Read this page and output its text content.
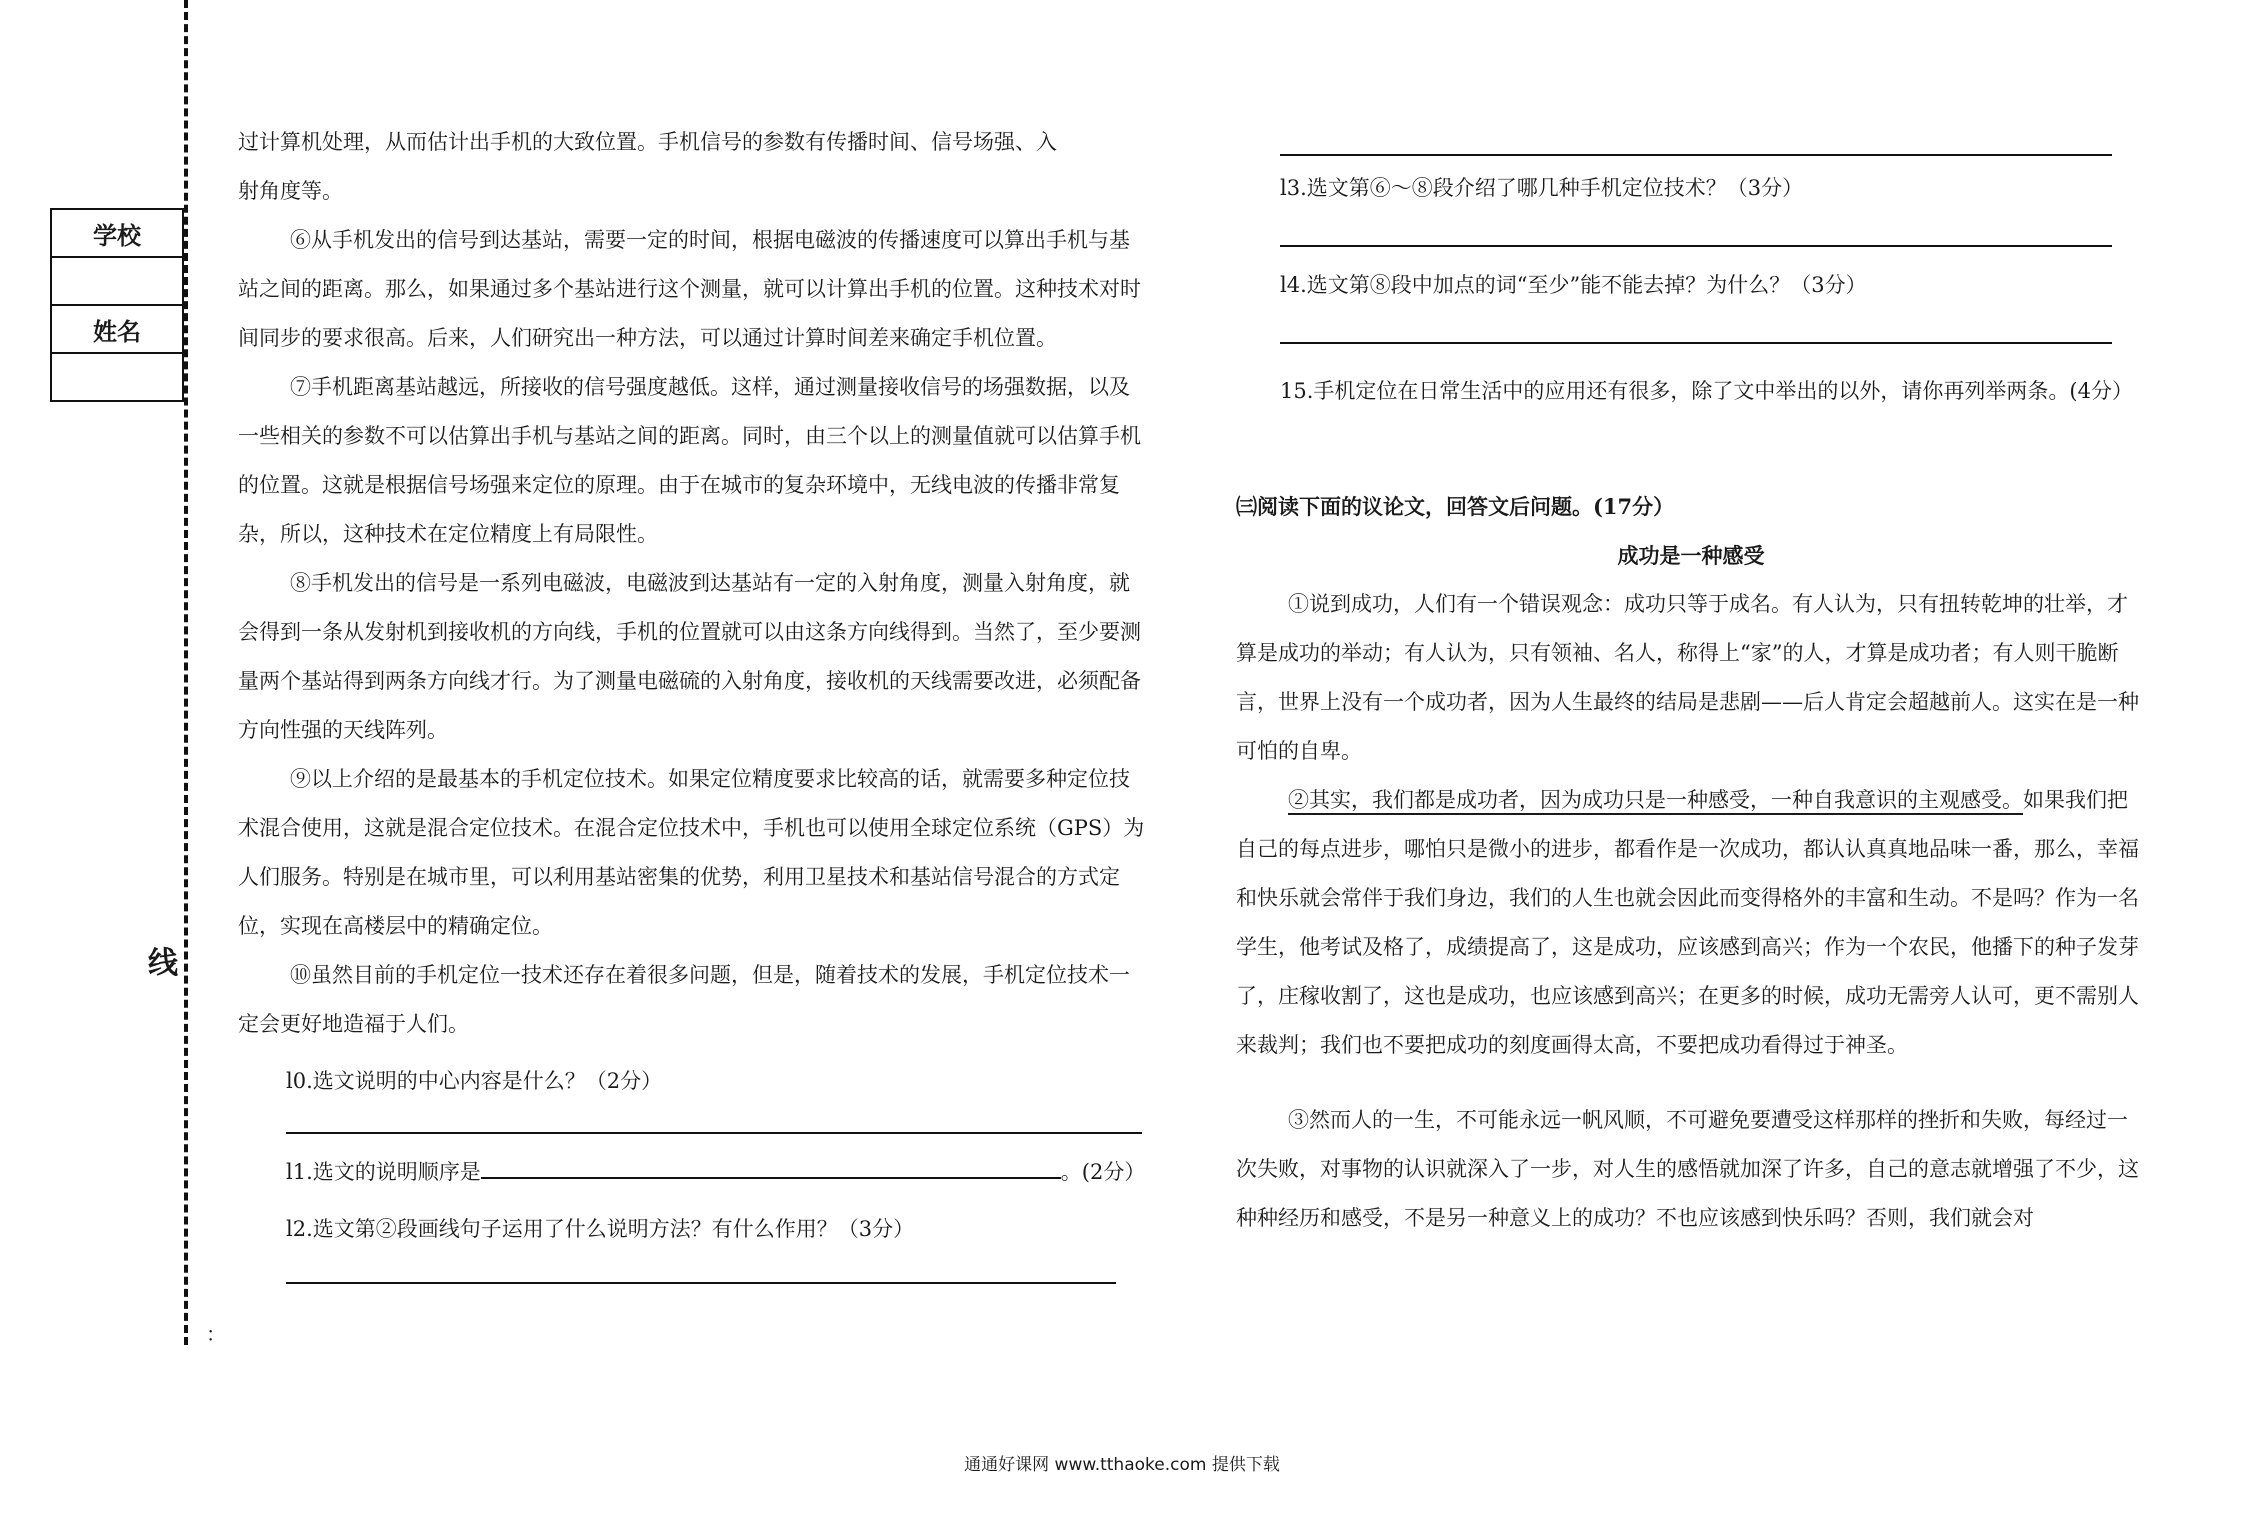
线
：
学校

姓名

过计算机处理，从而估计出手机的大致位置。手机信号的参数有传播时间、信号场强、入

射角度等。

⑥从手机发出的信号到达基站，需要一定的时间，根据电磁波的传播速度可以算出手机与基站之间的距离。那么，如果通过多个基站进行这个测量，就可以计算出手机的位置。这种技术对时间同步的要求很高。后来，人们研究出一种方法，可以通过计算时间差来确定手机位置。

⑦手机距离基站越远，所接收的信号强度越低。这样，通过测量接收信号的场强数据，以及一些相关的参数不可以估算出手机与基站之间的距离。同时，由三个以上的测量值就可以估算手机的位置。这就是根据信号场强来定位的原理。由于在城市的复杂环境中，无线电波的传播非常复杂，所以，这种技术在定位精度上有局限性。

⑧手机发出的信号是一系列电磁波，电磁波到达基站有一定的入射角度，测量入射角度，就会得到一条从发射机到接收机的方向线，手机的位置就可以由这条方向线得到。当然了，至少要测量两个基站得到两条方向线才行。为了测量电磁硫的入射角度，接收机的天线需要改进，必须配备方向性强的天线阵列。

⑨以上介绍的是最基本的手机定位技术。如果定位精度要求比较高的话，就需要多种定位技术混合使用，这就是混合定位技术。在混合定位技术中，手机也可以使用全球定位系统（GPS）为人们服务。特别是在城市里，可以利用基站密集的优势，利用卫星技术和基站信号混合的方式定位，实现在高楼层中的精确定位。

⑩虽然目前的手机定位一技术还存在着很多问题，但是，随着技术的发展，手机定位技术一定会更好地造福于人们。

l0.选文说明的中心内容是什么？（2分）

l1.选文的说明顺序是	。(2分）

l2.选文第②段画线句子运用了什么说明方法？有什么作用？（3分）

l3.选文第⑥～⑧段介绍了哪几种手机定位技术？（3分）

l4.选文第⑧段中加点的词“至少”能不能去掉？为什么？（3分）

15.手机定位在日常生活中的应用还有很多，除了文中举出的以外，请你再列举两条。(4分）

㈢阅读下面的议论文，回答文后问题。(17分）

成功是一种感受

①说到成功，人们有一个错误观念：成功只等于成名。有人认为，只有扭转乾坤的壮举，才算是成功的举动；有人认为，只有领袖、名人，称得上“家”的人，才算是成功者；有人则干脆断言，世界上没有一个成功者，因为人生最终的结局是悲剧——后人肯定会超越前人。这实在是一种可怕的自卑。

②其实，我们都是成功者，因为成功只是一种感受，一种自我意识的主观感受。如果我们把自己的每点进步，哪怕只是微小的进步，都看作是一次成功，都认认真真地品味一番，那么，幸福和快乐就会常伴于我们身边，我们的人生也就会因此而变得格外的丰富和生动。不是吗？作为一名学生，他考试及格了，成绩提高了，这是成功，应该感到高兴；作为一个农民，他播下的种子发芽了，庄稼收割了，这也是成功，也应该感到高兴；在更多的时候，成功无需旁人认可，更不需别人来裁判；我们也不要把成功的刻度画得太高，不要把成功看得过于神圣。

③然而人的一生，不可能永远一帆风顺，不可避免要遭受这样那样的挫折和失败，每经过一次失败，对事物的认识就深入了一步，对人生的感悟就加深了许多，自己的意志就增强了不少，这种种经历和感受，不是另一种意义上的成功？不也应该感到快乐吗？否则，我们就会对

通通好课网 www.tthaoke.com 提供下载
